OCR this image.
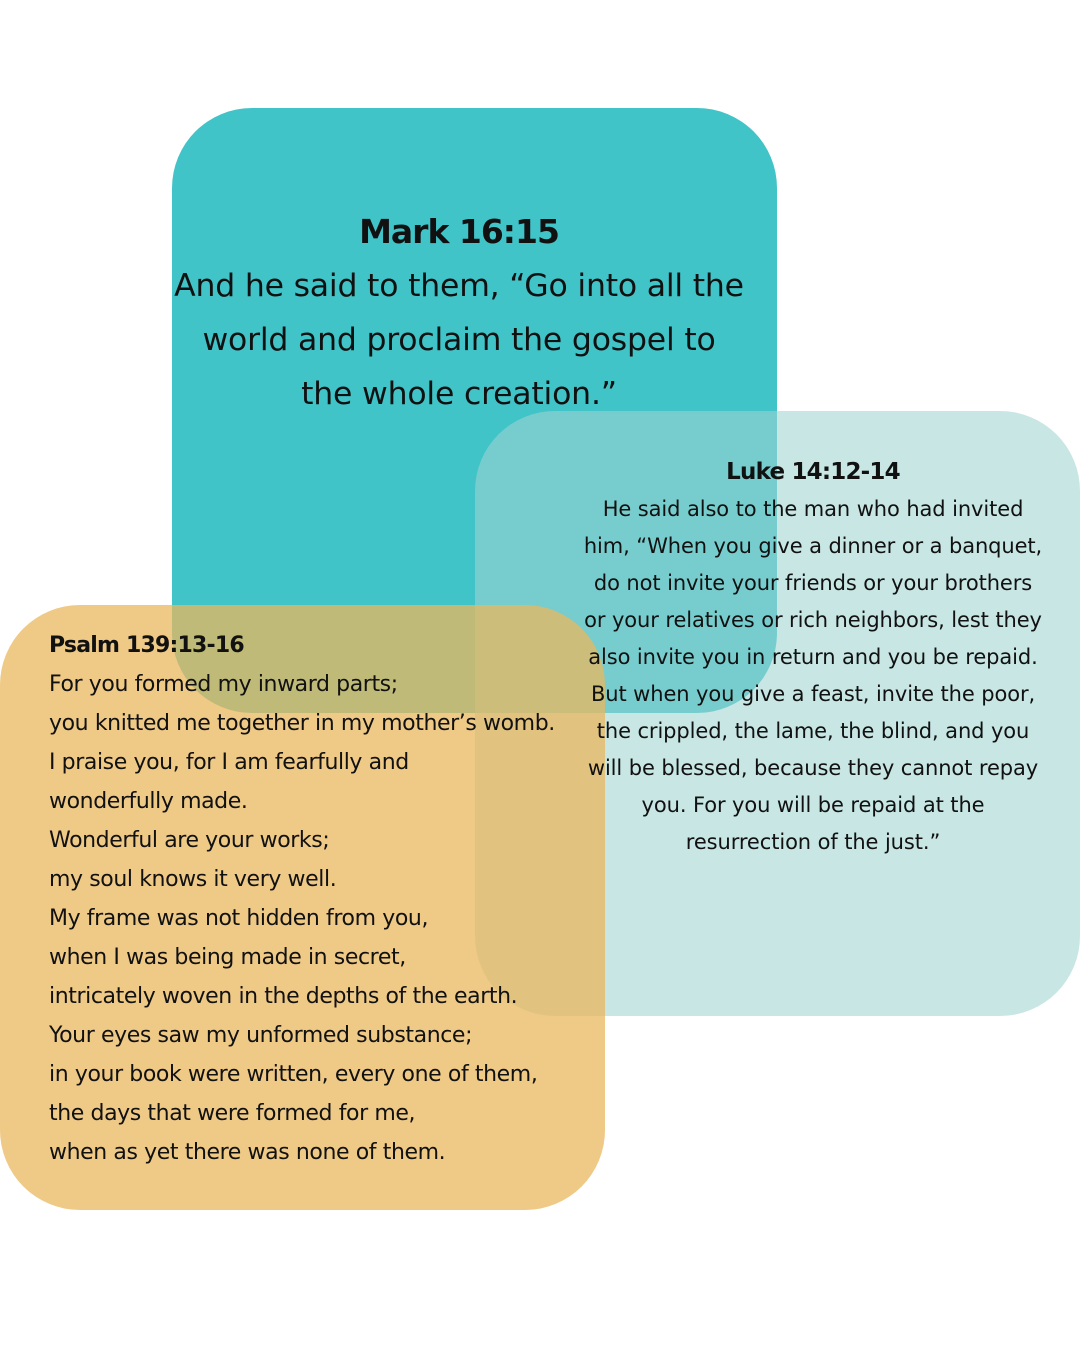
Mark 16:15
And he said to them, “Go into all the world and proclaim the gospel to the whole creation.”
Luke 14:12-14
He said also to the man who had invited him, “When you give a dinner or a banquet, do not invite your friends or your brothers or your relatives or rich neighbors, lest they also invite you in return and you be repaid. But when you give a feast, invite the poor, the crippled, the lame, the blind, and you will be blessed, because they cannot repay you. For you will be repaid at the resurrection of the just.”
Psalm 139:13-16
For you formed my inward parts;
you knitted me together in my mother’s womb.
I praise you, for I am fearfully and
wonderfully made.
Wonderful are your works;
my soul knows it very well.
My frame was not hidden from you,
when I was being made in secret,
intricately woven in the depths of the earth.
Your eyes saw my unformed substance;
in your book were written, every one of them,
the days that were formed for me,
when as yet there was none of them.
